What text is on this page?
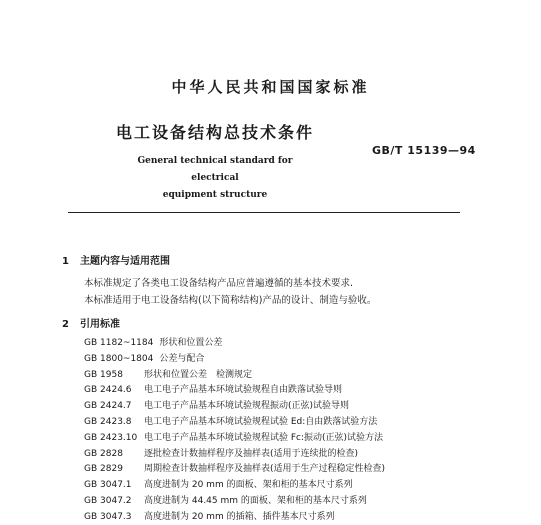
中华人民共和国国家标准
电工设备结构总技术条件
GB/T 15139—94
General technical standard for electrical
equipment structure
1 主题内容与适用范围
本标准规定了各类电工设备结构产品应普遍遵循的基本技术要求.
本标准适用于电工设备结构(以下简称结构)产品的设计、制造与验收。
2 引用标准
GB 1182~1184 形状和位置公差
GB 1800~1804 公差与配合
GB 1958 形状和位置公差　检测规定
GB 2424.6 电工电子产品基本环境试验规程自由跌落试验导则
GB 2424.7 电工电子产品基本环境试验规程振动(正弦)试验导则
GB 2423.8 电工电子产品基本环境试验规程试验 Ed:自由跌落试验方法
GB 2423.10 电工电子产品基本环境试验规程试验 Fc:振动(正弦)试验方法
GB 2828 逐批检查计数抽样程序及抽样表(适用于连续批的检查)
GB 2829 周期检查计数抽样程序及抽样表(适用于生产过程稳定性检查)
GB 3047.1 高度进制为 20 mm 的面板、架和柜的基本尺寸系列
GB 3047.2 高度进制为 44.45 mm 的面板、架和柜的基本尺寸系列
GB 3047.3 高度进制为 20 mm 的插箱、插件基本尺寸系列
